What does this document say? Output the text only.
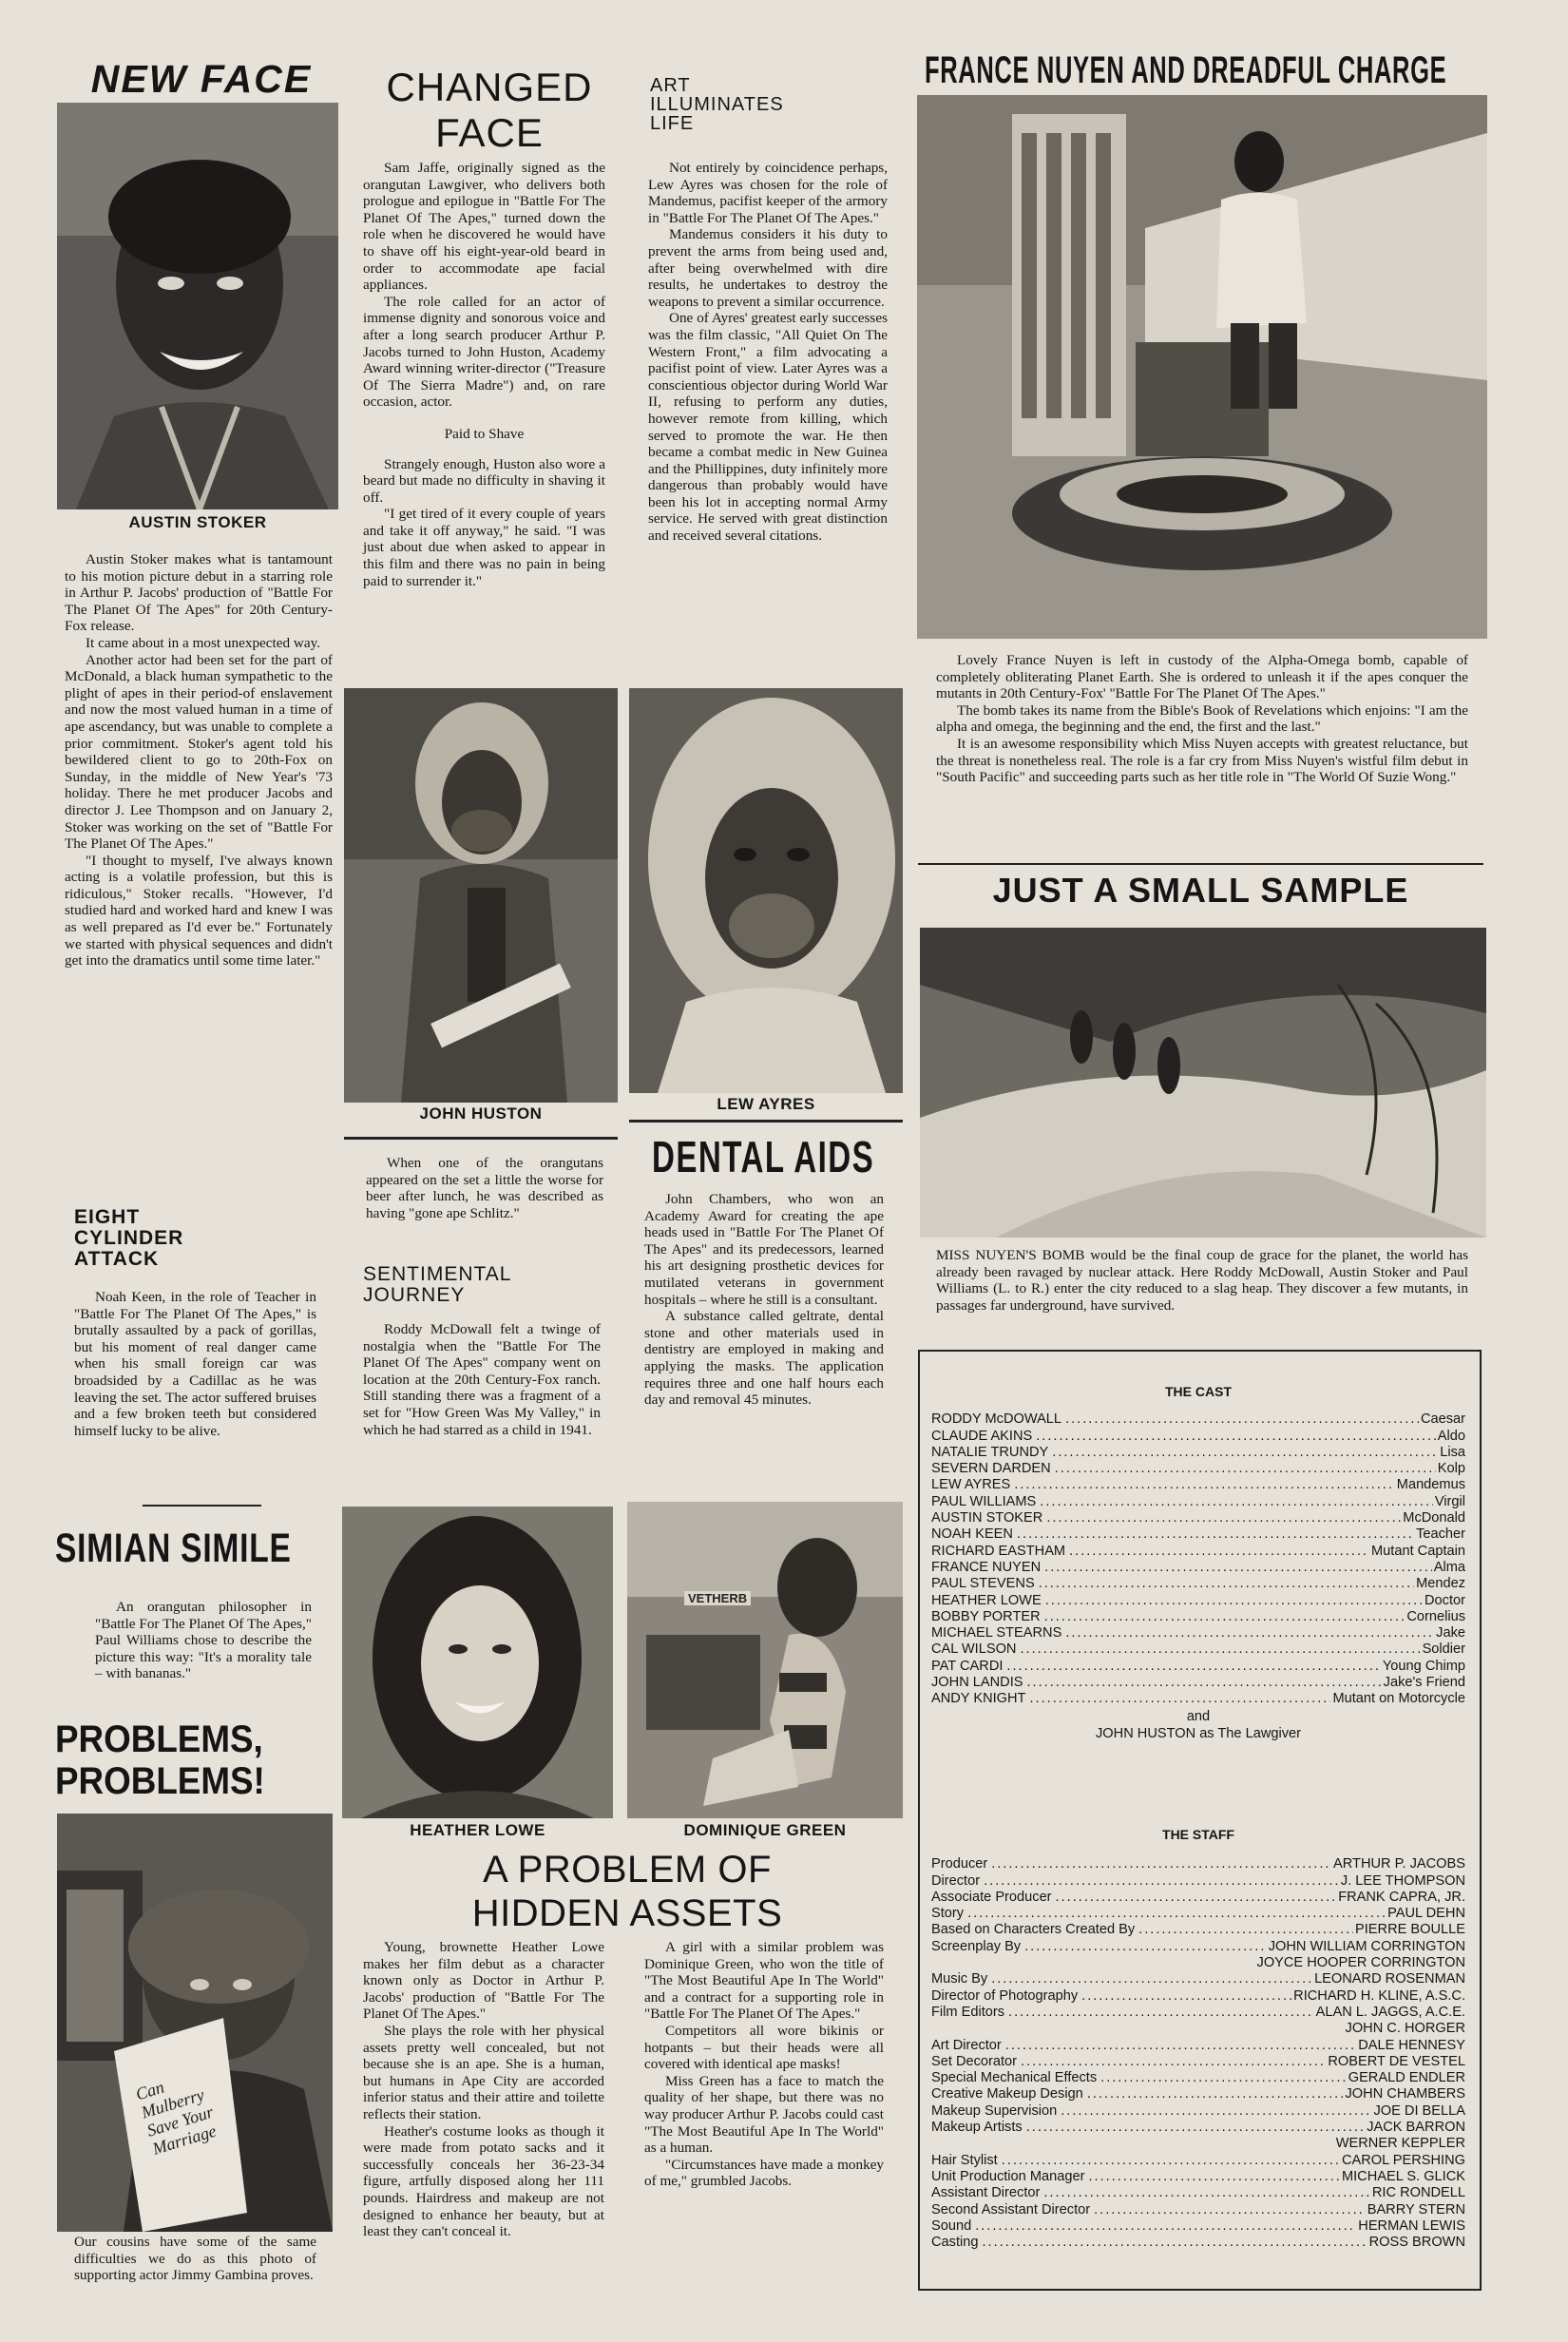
NEW FACE
AUSTIN STOKER

Austin Stoker makes what is tantamount to his motion picture debut in a starring role in Arthur P. Jacobs' production of "Battle For The Planet Of The Apes" for 20th Century-Fox release.

It came about in a most unexpected way.

Another actor had been set for the part of McDonald, a black human sympathetic to the plight of apes in their period-of enslavement and now the most valued human in a time of ape ascendancy, but was unable to complete a prior commitment. Stoker's agent told his bewildered client to go to 20th-Fox on Sunday, in the middle of New Year's '73 holiday. There he met producer Jacobs and director J. Lee Thompson and on January 2, Stoker was working on the set of "Battle For The Planet Of The Apes."

"I thought to myself, I've always known acting is a volatile profession, but this is ridiculous," Stoker recalls. "However, I'd studied hard and worked hard and knew I was as well prepared as I'd ever be." Fortunately we started with physical sequences and didn't get into the dramatics until some time later."

EIGHT
CYLINDER
ATTACK

Noah Keen, in the role of Teacher in "Battle For The Planet Of The Apes," is brutally assaulted by a pack of gorillas, but his moment of real danger came when his small foreign car was broadsided by a Cadillac as he was leaving the set. The actor suffered bruises and a few broken teeth but considered himself lucky to be alive.

SIMIAN SIMILE

An orangutan philosopher in "Battle For The Planet Of The Apes," Paul Williams chose to describe the picture this way: "It's a morality tale – with bananas."

PROBLEMS,
PROBLEMS!
Can Mulberry Save Your Marriage

Our cousins have some of the same difficulties we do as this photo of supporting actor Jimmy Gambina proves.

CHANGED
FACE

Sam Jaffe, originally signed as the orangutan Lawgiver, who delivers both prologue and epilogue in "Battle For The Planet Of The Apes," turned down the role when he discovered he would have to shave off his eight-year-old beard in order to accommodate ape facial appliances.

The role called for an actor of immense dignity and sonorous voice and after a long search producer Arthur P. Jacobs turned to John Huston, Academy Award winning writer-director ("Treasure Of The Sierra Madre") and, on rare occasion, actor.

Paid to Shave

Strangely enough, Huston also wore a beard but made no difficulty in shaving it off.

"I get tired of it every couple of years and take it off anyway," he said. "I was just about due when asked to appear in this film and there was no pain in being paid to surrender it."

JOHN HUSTON

When one of the orangutans appeared on the set a little the worse for beer after lunch, he was described as having "gone ape Schlitz."

SENTIMENTAL
JOURNEY

Roddy McDowall felt a twinge of nostalgia when the "Battle For The Planet Of The Apes" company went on location at the 20th Century-Fox ranch. Still standing there was a fragment of a set for "How Green Was My Valley," in which he had starred as a child in 1941.

HEATHER LOWE
ART
ILLUMINATES
LIFE

Not entirely by coincidence perhaps, Lew Ayres was chosen for the role of Mandemus, pacifist keeper of the armory in "Battle For The Planet Of The Apes."

Mandemus considers it his duty to prevent the arms from being used and, after being overwhelmed with dire results, he undertakes to destroy the weapons to prevent a similar occurrence.

One of Ayres' greatest early successes was the film classic, "All Quiet On The Western Front," a film advocating a pacifist point of view. Later Ayres was a conscientious objector during World War II, refusing to perform any duties, however remote from killing, which served to promote the war. He then became a combat medic in New Guinea and the Phillippines, duty infinitely more dangerous than probably would have been his lot in accepting normal Army service. He served with great distinction and received several citations.

LEW AYRES
DENTAL AIDS

John Chambers, who won an Academy Award for creating the ape heads used in "Battle For The Planet Of The Apes" and its predecessors, learned his art designing prosthetic devices for mutilated veterans in government hospitals – where he still is a consultant.

A substance called geltrate, dental stone and other materials used in dentistry are employed in making and applying the masks. The application requires three and one half hours each day and removal 45 minutes.

VETHERB
DOMINIQUE GREEN
A PROBLEM OF
HIDDEN ASSETS

Young, brownette Heather Lowe makes her film debut as a character known only as Doctor in Arthur P. Jacobs' production of "Battle For The Planet Of The Apes."

She plays the role with her physical assets pretty well concealed, but not because she is an ape. She is a human, but humans in Ape City are accorded inferior status and their attire and toilette reflects their station.

Heather's costume looks as though it were made from potato sacks and it successfully conceals her 36-23-34 figure, artfully disposed along her 111 pounds. Hairdress and makeup are not designed to enhance her beauty, but at least they can't conceal it.

A girl with a similar problem was Dominique Green, who won the title of "The Most Beautiful Ape In The World" and a contract for a supporting role in "Battle For The Planet Of The Apes."

Competitors all wore bikinis or hotpants – but their heads were all covered with identical ape masks!

Miss Green has a face to match the quality of her shape, but there was no way producer Arthur P. Jacobs could cast "The Most Beautiful Ape In The World" as a human.

"Circumstances have made a monkey of me," grumbled Jacobs.

FRANCE NUYEN AND DREADFUL CHARGE

Lovely France Nuyen is left in custody of the Alpha-Omega bomb, capable of completely obliterating Planet Earth. She is ordered to unleash it if the apes conquer the mutants in 20th Century-Fox' "Battle For The Planet Of The Apes."

The bomb takes its name from the Bible's Book of Revelations which enjoins: "I am the alpha and omega, the beginning and the end, the first and the last."

It is an awesome responsibility which Miss Nuyen accepts with greatest reluctance, but the threat is nonetheless real. The role is a far cry from Miss Nuyen's wistful film debut in "South Pacific" and succeeding parts such as her title role in "The World Of Suzie Wong."

JUST A SMALL SAMPLE

MISS NUYEN'S BOMB would be the final coup de grace for the planet, the world has already been ravaged by nuclear attack. Here Roddy McDowall, Austin Stoker and Paul Williams (L. to R.) enter the city reduced to a slag heap. They discover a few mutants, in passages far underground, have survived.

THE CAST
RODDY McDOWALL .....	Caesar
CLAUDE AKINS .....	Aldo
NATALIE TRUNDY .....	Lisa
SEVERN DARDEN .....	Kolp
LEW AYRES .....	Mandemus
PAUL WILLIAMS .....	Virgil
AUSTIN STOKER .....	McDonald
NOAH KEEN .....	Teacher
RICHARD EASTHAM .....	Mutant Captain
FRANCE NUYEN .....	Alma
PAUL STEVENS .....	Mendez
HEATHER LOWE .....	Doctor
BOBBY PORTER .....	Cornelius
MICHAEL STEARNS .....	Jake
CAL WILSON .....	Soldier
PAT CARDI .....	Young Chimp
JOHN LANDIS .....	Jake's Friend
ANDY KNIGHT .....	Mutant on Motorcycle
and
JOHN HUSTON as The Lawgiver
THE STAFF
Producer .....	ARTHUR P. JACOBS
Director .....	J. LEE THOMPSON
Associate Producer .....	FRANK CAPRA, JR.
Story .....	PAUL DEHN
Based on Characters Created By .....	PIERRE BOULLE
Screenplay By .....	JOHN WILLIAM CORRINGTON
JOYCE HOOPER CORRINGTON
Music By .....	LEONARD ROSENMAN
Director of Photography .....	RICHARD H. KLINE, A.S.C.
Film Editors .....	ALAN L. JAGGS, A.C.E.
JOHN C. HORGER
Art Director .....	DALE HENNESY
Set Decorator .....	ROBERT DE VESTEL
Special Mechanical Effects .....	GERALD ENDLER
Creative Makeup Design .....	JOHN CHAMBERS
Makeup Supervision .....	JOE DI BELLA
Makeup Artists .....	JACK BARRON
WERNER KEPPLER
Hair Stylist .....	CAROL PERSHING
Unit Production Manager .....	MICHAEL S. GLICK
Assistant Director .....	RIC RONDELL
Second Assistant Director .....	BARRY STERN
Sound .....	HERMAN LEWIS
Casting .....	ROSS BROWN
